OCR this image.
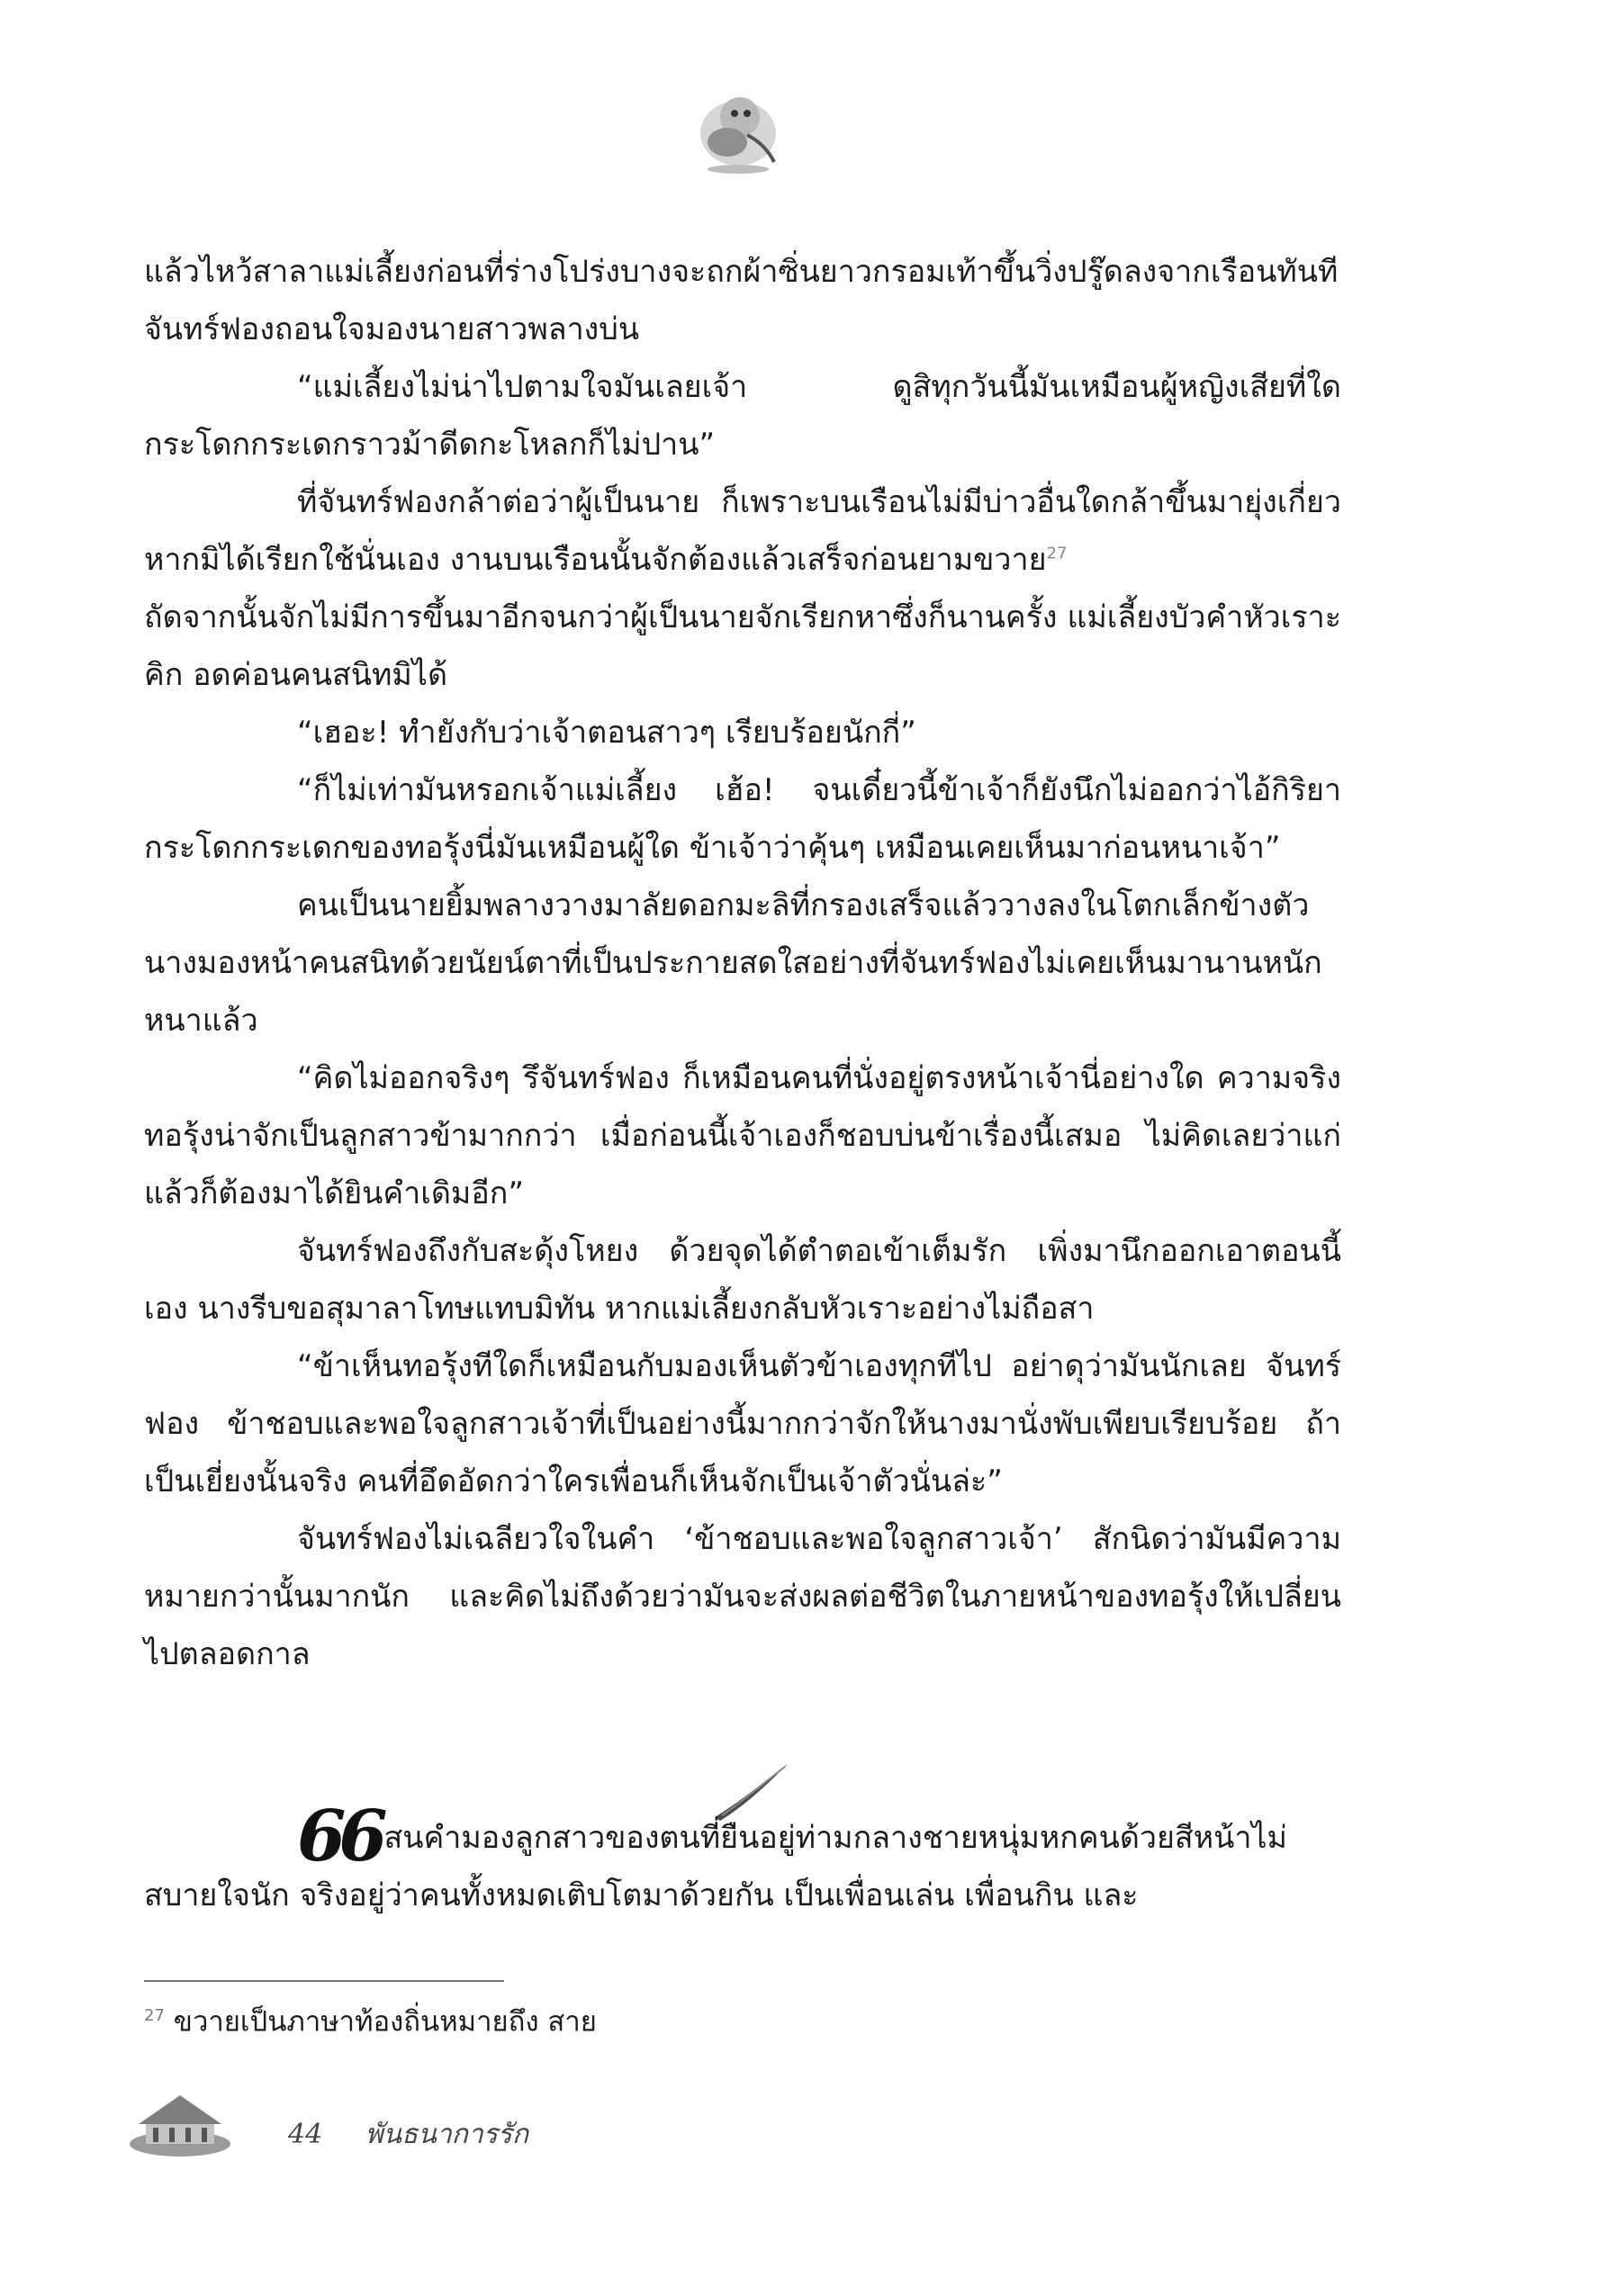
แล้วไหว้สาลาแม่เลี้ยงก่อนที่ร่างโปร่งบางจะถกผ้าซิ่นยาวกรอมเท้าขึ้นวิ่งปรู๊ดลงจากเรือนทันที จันทร์ฟองถอนใจมองนายสาวพลางบ่น

“แม่เลี้ยงไม่น่าไปตามใจมันเลยเจ้า ดูสิทุกวันนี้มันเหมือนผู้หญิงเสียที่ใด กระโดกกระเดกราวม้าดีดกะโหลกก็ไม่ปาน”

ที่จันทร์ฟองกล้าต่อว่าผู้เป็นนาย ก็เพราะบนเรือนไม่มีบ่าวอื่นใดกล้าขึ้นมายุ่งเกี่ยวหากมิได้เรียกใช้นั่นเอง งานบนเรือนนั้นจักต้องแล้วเสร็จก่อนยามขวาย$^{27}$

ถัดจากนั้นจักไม่มีการขึ้นมาอีกจนกว่าผู้เป็นนายจักเรียกหาซึ่งก็นานครั้ง แม่เลี้ยงบัวคำหัวเราะคิก อดค่อนคนสนิทมิได้

“เฮอะ! ทำยังกับว่าเจ้าตอนสาวๆ เรียบร้อยนักกี่”

“ก็ไม่เท่ามันหรอกเจ้าแม่เลี้ยง เฮ้อ! จนเดี๋ยวนี้ข้าเจ้าก็ยังนึกไม่ออกว่าไอ้กิริยากระโดกกระเดกของทอรุ้งนี่มันเหมือนผู้ใด ข้าเจ้าว่าคุ้นๆ เหมือนเคยเห็นมาก่อนหนาเจ้า”

คนเป็นนายยิ้มพลางวางมาลัยดอกมะลิที่กรองเสร็จแล้ววางลงในโตกเล็กข้างตัว นางมองหน้าคนสนิทด้วยนัยน์ตาที่เป็นประกายสดใสอย่างที่จันทร์ฟองไม่เคยเห็นมานานหนักหนาแล้ว

“คิดไม่ออกจริงๆ รึจันทร์ฟอง ก็เหมือนคนที่นั่งอยู่ตรงหน้าเจ้านี่อย่างใด ความจริงทอรุ้งน่าจักเป็นลูกสาวข้ามากกว่า เมื่อก่อนนี้เจ้าเองก็ชอบบ่นข้าเรื่องนี้เสมอ ไม่คิดเลยว่าแก่แล้วก็ต้องมาได้ยินคำเดิมอีก”

จันทร์ฟองถึงกับสะดุ้งโหยง ด้วยจุดได้ตำตอเข้าเต็มรัก เพิ่งมานึกออกเอาตอนนี้เอง นางรีบขอสุมาลาโทษแทบมิทัน หากแม่เลี้ยงกลับหัวเราะอย่างไม่ถือสา

“ข้าเห็นทอรุ้งทีใดก็เหมือนกับมองเห็นตัวข้าเองทุกทีไป อย่าดุว่ามันนักเลย จันทร์ฟอง ข้าชอบและพอใจลูกสาวเจ้าที่เป็นอย่างนี้มากกว่าจักให้นางมานั่งพับเพียบเรียบร้อย ถ้าเป็นเยี่ยงนั้นจริง คนที่อึดอัดกว่าใครเพื่อนก็เห็นจักเป็นเจ้าตัวนั่นล่ะ”

จันทร์ฟองไม่เฉลียวใจในคำ ‘ข้าชอบและพอใจลูกสาวเจ้า’ สักนิดว่ามันมีความหมายกว่านั้นมากนัก และคิดไม่ถึงด้วยว่ามันจะส่งผลต่อชีวิตในภายหน้าของทอรุ้งให้เปลี่ยนไปตลอดกาล

66 สนคำมองลูกสาวของตนที่ยืนอยู่ท่ามกลางชายหนุ่มหกคนด้วยสีหน้าไม่สบายใจนัก จริงอยู่ว่าคนทั้งหมดเติบโตมาด้วยกัน เป็นเพื่อนเล่น เพื่อนกิน และ

$^{27}$ ขวายเป็นภาษาท้องถิ่นหมายถึง สาย
44 พันธนาการรัก
